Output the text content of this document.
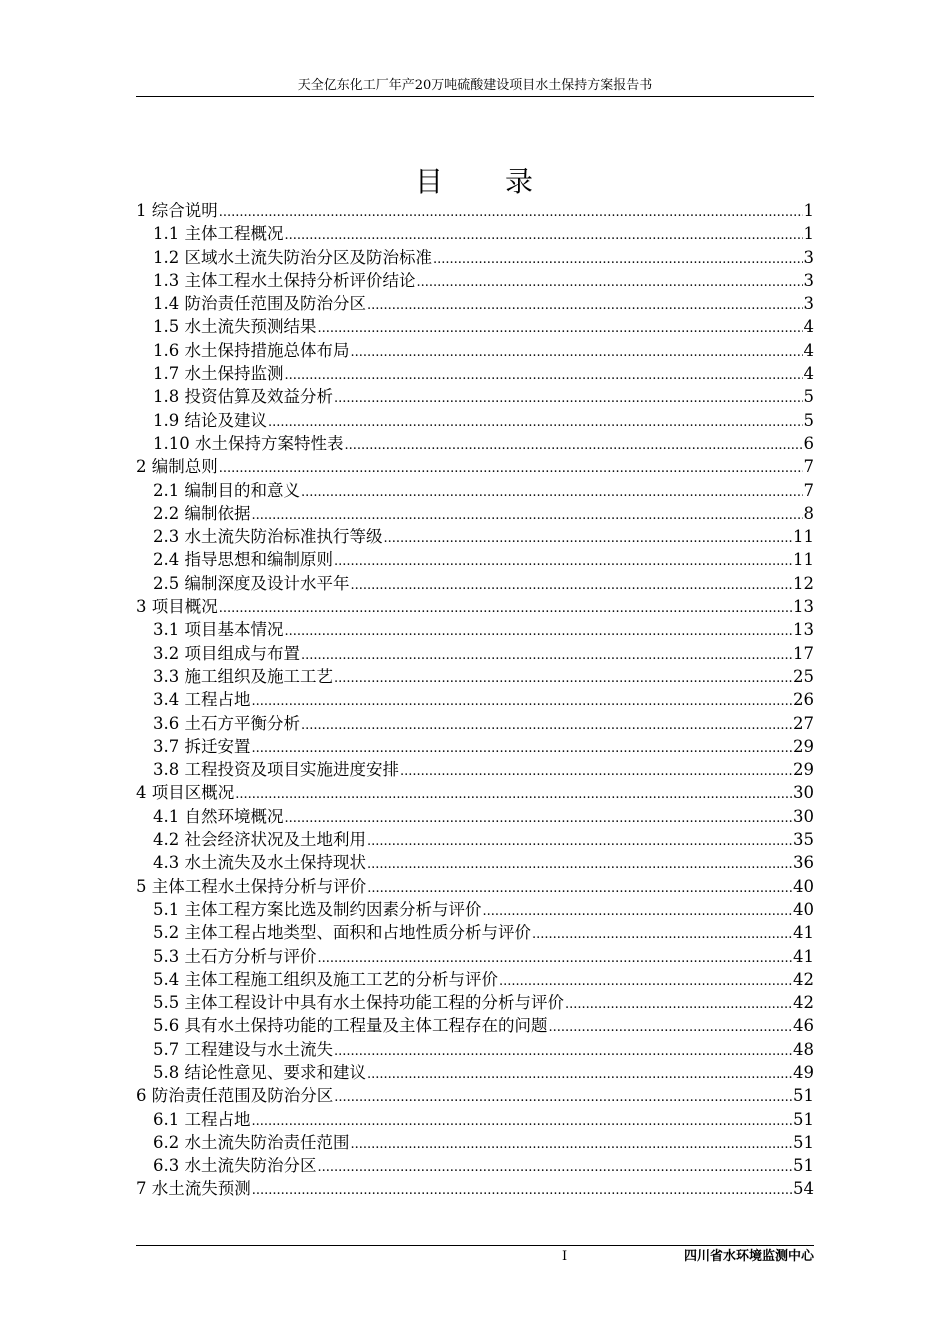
天全亿东化工厂年产20万吨硫酸建设项目水土保持方案报告书
目　　录
1 综合说明 .....	1
1.1 主体工程概况 .....	1
1.2 区域水土流失防治分区及防治标准 .....	3
1.3 主体工程水土保持分析评价结论 .....	3
1.4 防治责任范围及防治分区 .....	3
1.5 水土流失预测结果 .....	4
1.6 水土保持措施总体布局 .....	4
1.7 水土保持监测 .....	4
1.8 投资估算及效益分析 .....	5
1.9 结论及建议 .....	5
1.10 水土保持方案特性表 .....	6
2 编制总则 .....	7
2.1 编制目的和意义 .....	7
2.2 编制依据 .....	8
2.3 水土流失防治标准执行等级 .....	11
2.4 指导思想和编制原则 .....	11
2.5 编制深度及设计水平年 .....	12
3 项目概况 .....	13
3.1 项目基本情况 .....	13
3.2 项目组成与布置 .....	17
3.3 施工组织及施工工艺 .....	25
3.4 工程占地 .....	26
3.6 土石方平衡分析 .....	27
3.7 拆迁安置 .....	29
3.8 工程投资及项目实施进度安排 .....	29
4 项目区概况 .....	30
4.1 自然环境概况 .....	30
4.2 社会经济状况及土地利用 .....	35
4.3 水土流失及水土保持现状 .....	36
5 主体工程水土保持分析与评价 .....	40
5.1 主体工程方案比选及制约因素分析与评价 .....	40
5.2 主体工程占地类型、面积和占地性质分析与评价 .....	41
5.3 土石方分析与评价 .....	41
5.4 主体工程施工组织及施工工艺的分析与评价 .....	42
5.5 主体工程设计中具有水土保持功能工程的分析与评价 .....	42
5.6 具有水土保持功能的工程量及主体工程存在的问题 .....	46
5.7 工程建设与水土流失 .....	48
5.8 结论性意见、要求和建议 .....	49
6 防治责任范围及防治分区 .....	51
6.1 工程占地 .....	51
6.2 水土流失防治责任范围 .....	51
6.3 水土流失防治分区 .....	51
7 水土流失预测 .....	54
I	四川省水环境监测中心
